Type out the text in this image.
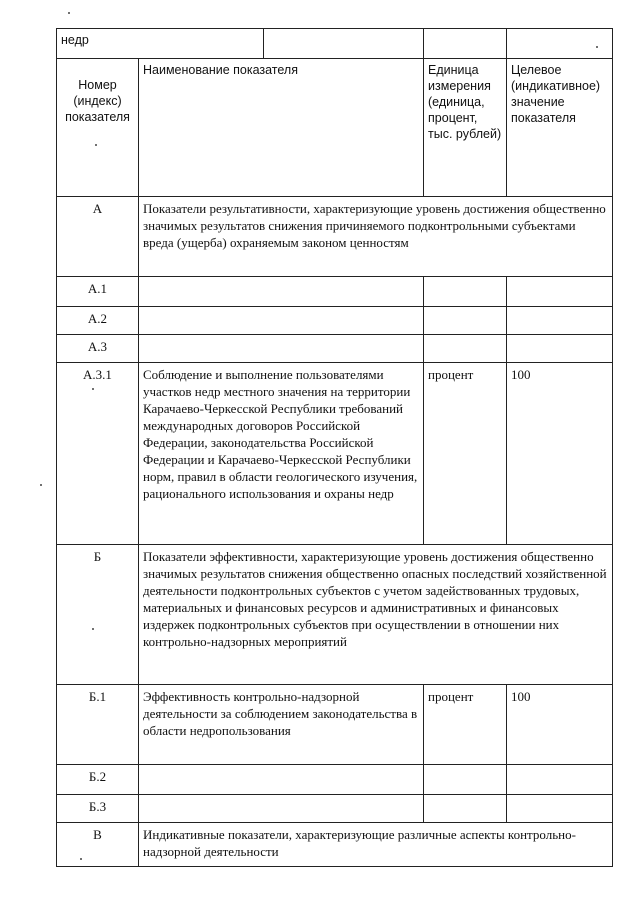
недр				
Номер (индекс) показателя	Наименование показателя		Единица измерения (единица, процент, тыс. рублей)	Целевое (индикативное) значение показателя
А	Показатели результативности, характеризующие уровень достижения общественно значимых результатов снижения причиняемого подконтрольными субъектами вреда (ущерба) охраняемым законом ценностям			
А.1				
А.2				
А.3				
А.3.1	Соблюдение и выполнение пользователями участков недр местного значения на территории Карачаево-Черкесской Республики требований международных договоров Российской Федерации, законодательства Российской Федерации и Карачаево-Черкесской Республики норм, правил в области геологического изучения, рационального использования и охраны недр		процент	100
Б	Показатели эффективности, характеризующие уровень достижения общественно значимых результатов снижения общественно опасных последствий хозяйственной деятельности подконтрольных субъектов с учетом задействованных трудовых, материальных и финансовых ресурсов и административных и финансовых издержек подконтрольных субъектов при осуществлении в отношении них контрольно-надзорных мероприятий			
Б.1	Эффективность контрольно-надзорной деятельности за соблюдением законодательства в области недропользования		процент	100
Б.2				
Б.3				
В	Индикативные показатели, характеризующие различные аспекты контрольно-надзорной деятельности			
